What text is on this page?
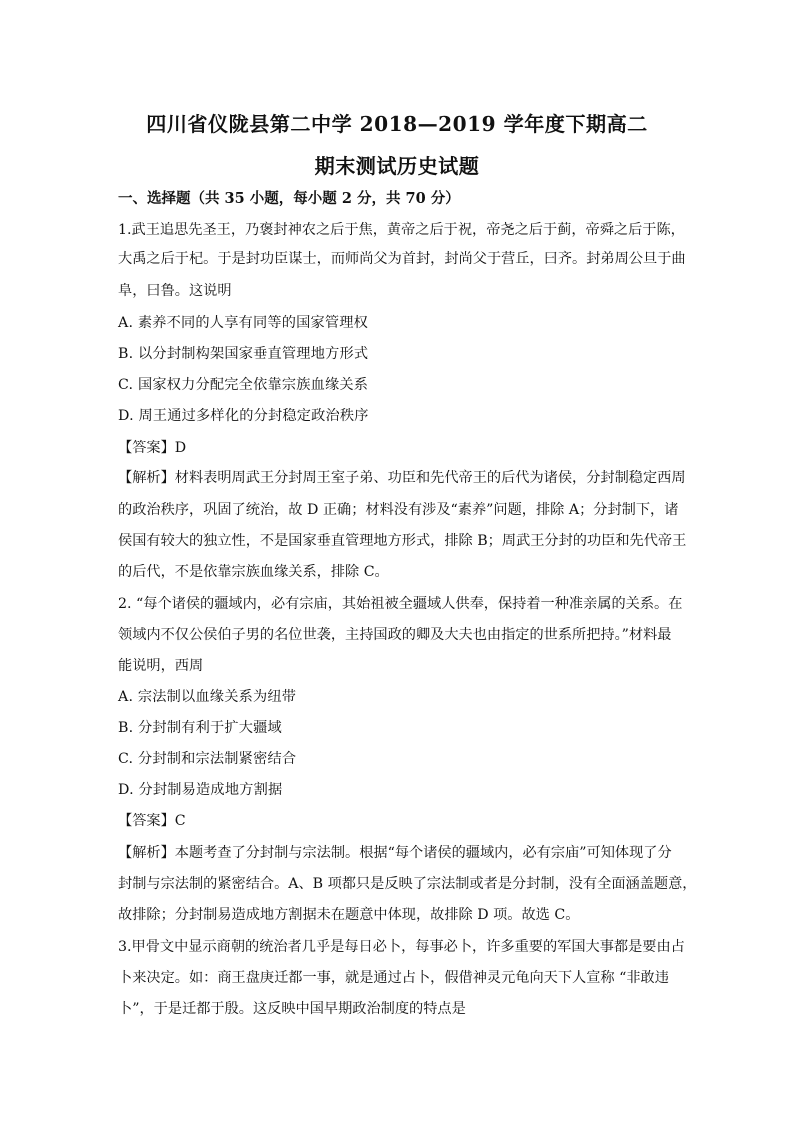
四川省仪陇县第二中学 2018—2019 学年度下期高二
期末测试历史试题
一、选择题（共 35 小题，每小题 2 分，共 70 分）
1.武王追思先圣王，乃褒封神农之后于焦，黄帝之后于祝，帝尧之后于蓟，帝舜之后于陈，
大禹之后于杞。于是封功臣谋士，而师尚父为首封，封尚父于营丘，曰齐。封弟周公旦于曲
阜，曰鲁。这说明
A. 素养不同的人享有同等的国家管理权
B. 以分封制构架国家垂直管理地方形式
C. 国家权力分配完全依靠宗族血缘关系
D. 周王通过多样化的分封稳定政治秩序
【答案】D
【解析】材料表明周武王分封周王室子弟、功臣和先代帝王的后代为诸侯，分封制稳定西周
的政治秩序，巩固了统治，故 D 正确；材料没有涉及“素养”问题，排除 A；分封制下，诸
侯国有较大的独立性，不是国家垂直管理地方形式，排除 B；周武王分封的功臣和先代帝王
的后代，不是依靠宗族血缘关系，排除 C。
2. “每个诸侯的疆域内，必有宗庙，其始祖被全疆域人供奉，保持着一种准亲属的关系。在
领域内不仅公侯伯子男的名位世袭，主持国政的卿及大夫也由指定的世系所把持。”材料最
能说明，西周
A. 宗法制以血缘关系为纽带
B. 分封制有利于扩大疆域
C. 分封制和宗法制紧密结合
D. 分封制易造成地方割据
【答案】C
【解析】本题考查了分封制与宗法制。根据“每个诸侯的疆域内，必有宗庙”可知体现了分
封制与宗法制的紧密结合。A、B 项都只是反映了宗法制或者是分封制，没有全面涵盖题意，
故排除；分封制易造成地方割据未在题意中体现，故排除 D 项。故选 C。
3.甲骨文中显示商朝的统治者几乎是每日必卜，每事必卜，许多重要的军国大事都是要由占
卜来决定。如：商王盘庚迁都一事，就是通过占卜，假借神灵元龟向天下人宣称 “非敢违
卜”，于是迁都于殷。这反映中国早期政治制度的特点是
